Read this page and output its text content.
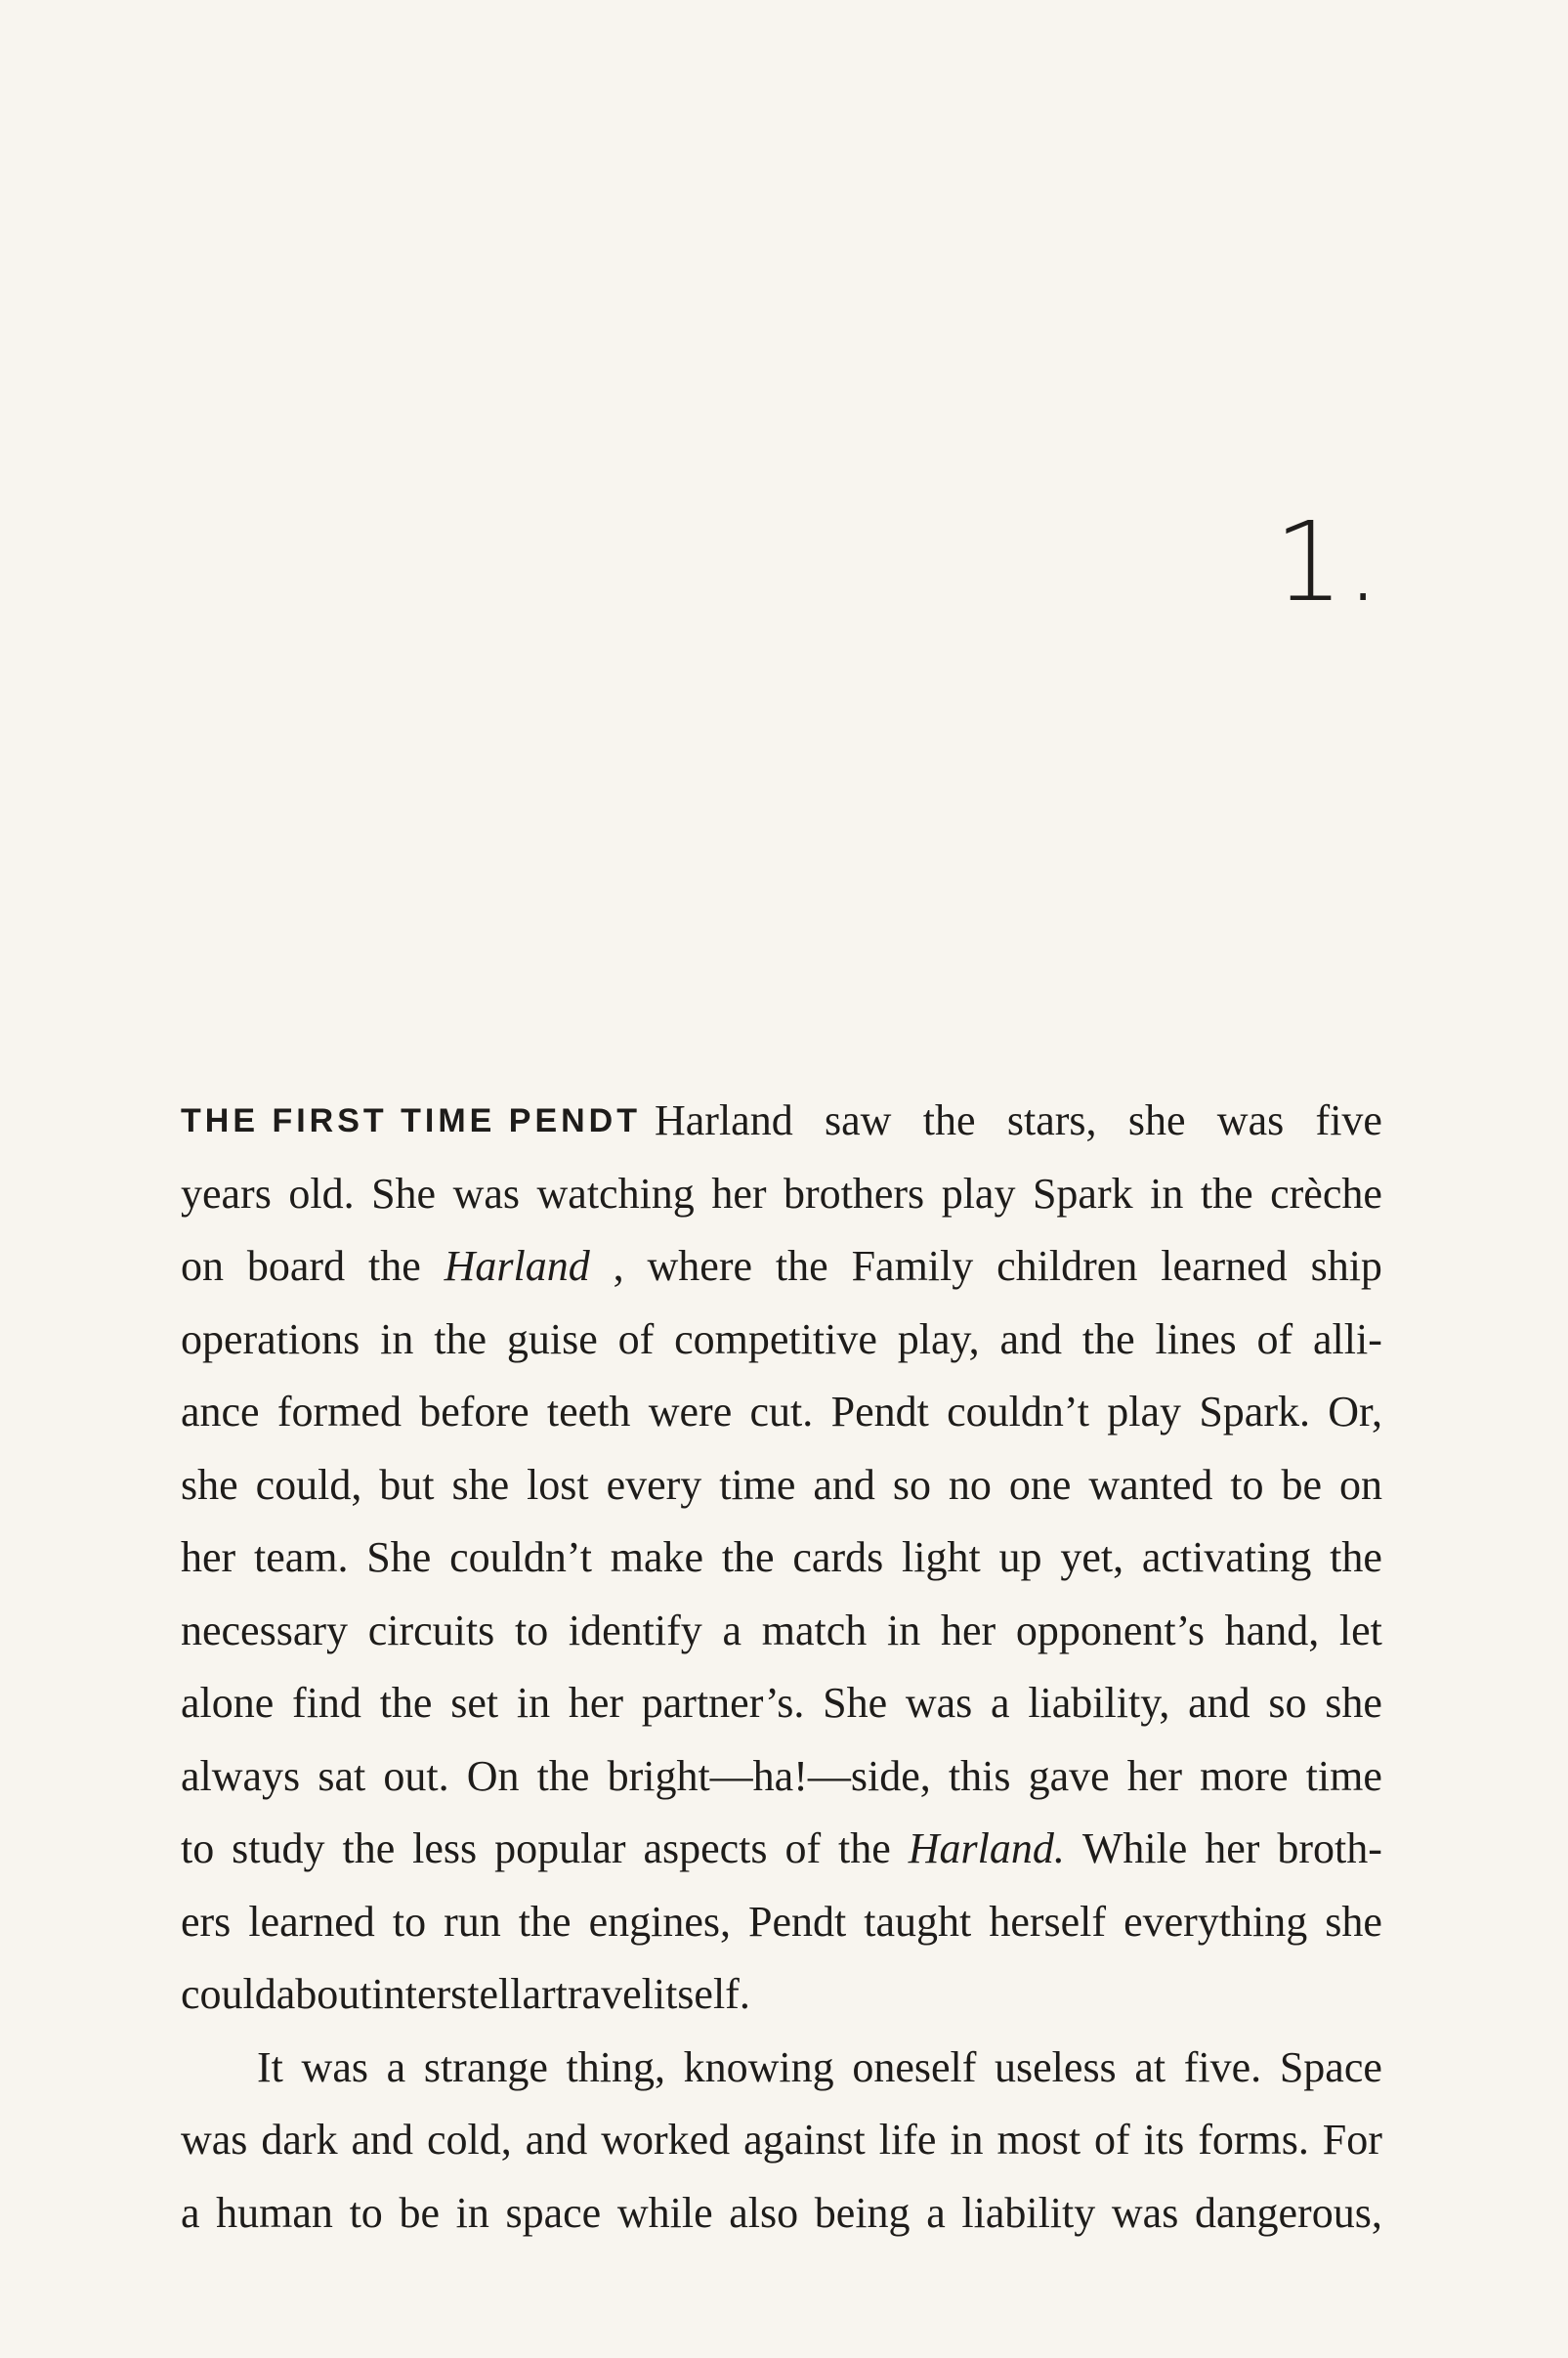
1.
THE FIRST TIME PENDT Harland saw the stars, she was five
years old. She was watching her brothers play Spark in the crèche
on board the Harland , where the Family children learned ship
operations in the guise of competitive play, and the lines of alli-
ance formed before teeth were cut. Pendt couldn’t play Spark. Or,
she could, but she lost every time and so no one wanted to be on
her team. She couldn’t make the cards light up yet, activating the
necessary circuits to identify a match in her opponent’s hand, let
alone find the set in her partner’s. She was a liability, and so she
always sat out. On the bright—ha!—side, this gave her more time
to study the less popular aspects of the Harland. While her broth-
ers learned to run the engines, Pendt taught herself everything she
could about interstellar travel itself.
It was a strange thing, knowing oneself useless at five. Space
was dark and cold, and worked against life in most of its forms. For
a human to be in space while also being a liability was dangerous,
